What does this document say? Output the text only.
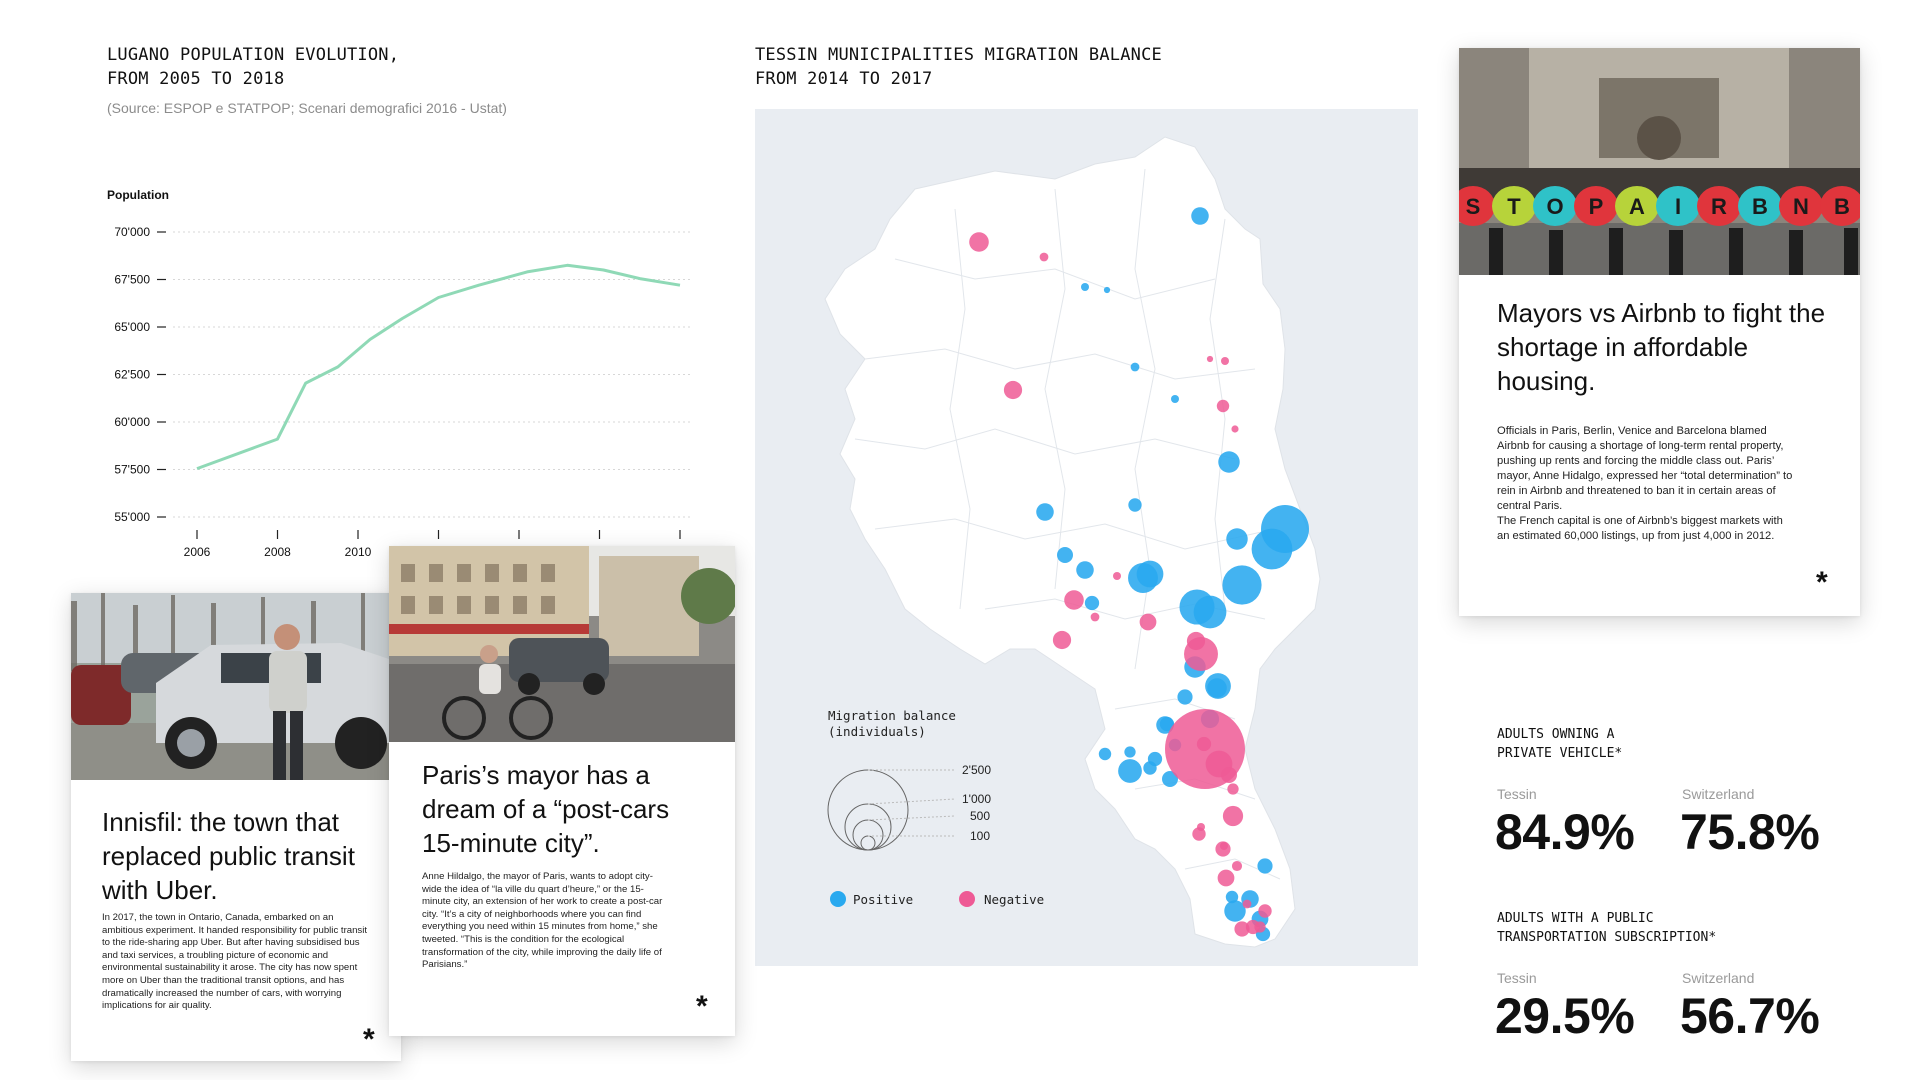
LUGANO POPULATION EVOLUTION,
FROM 2005 TO 2018
(Source: ESPOP e STATPOP; Scenari demografici 2016 - Ustat)
Population
55'000
57'500
60'000
62'500
65'000
67'500
70'000
2006	2008	2010
TESSIN MUNICIPALITIES MIGRATION BALANCE
FROM 2014 TO 2017
Migration balance
(individuals)
2'500
1'000
500
100
Positive	Negative
Innisfil: the town that replaced public transit with Uber.
In 2017, the town in Ontario, Canada, embarked on an ambitious experiment. It handed responsibility for public transit to the ride-sharing app Uber. But after having subsidised bus and taxi services, a troubling picture of economic and environmental sustainability it arose. The city has now spent more on Uber than the traditional transit options, and has dramatically increased the number of cars, with worrying implications for air quality.
*
Paris’s mayor has a dream of a “post-cars 15-minute city”.
Anne Hildalgo, the mayor of Paris, wants to adopt city-wide the idea of “la ville du quart d’heure,” or the 15-minute city, an extension of her work to create a post-car city. “It’s a city of neighborhoods where you can find everything you need within 15 minutes from home,” she tweeted. “This is the condition for the ecological transformation of the city, while improving the daily life of Parisians.”
*
S T O P A I R B N B
Mayors vs Airbnb to fight the shortage in affordable housing.
Officials in Paris, Berlin, Venice and Barcelona blamed Airbnb for causing a shortage of long-term rental property, pushing up rents and forcing the middle class out. Paris’ mayor, Anne Hidalgo, expressed her “total determination” to rein in Airbnb and threatened to ban it in certain areas of central Paris.
The French capital is one of Airbnb’s biggest markets with an estimated 60,000 listings, up from just 4,000 in 2012.
*
ADULTS OWNING A
PRIVATE VEHICLE*
Tessin
84.9%
Switzerland
75.8%
ADULTS WITH A PUBLIC
TRANSPORTATION SUBSCRIPTION*
Tessin
29.5%
Switzerland
56.7%
